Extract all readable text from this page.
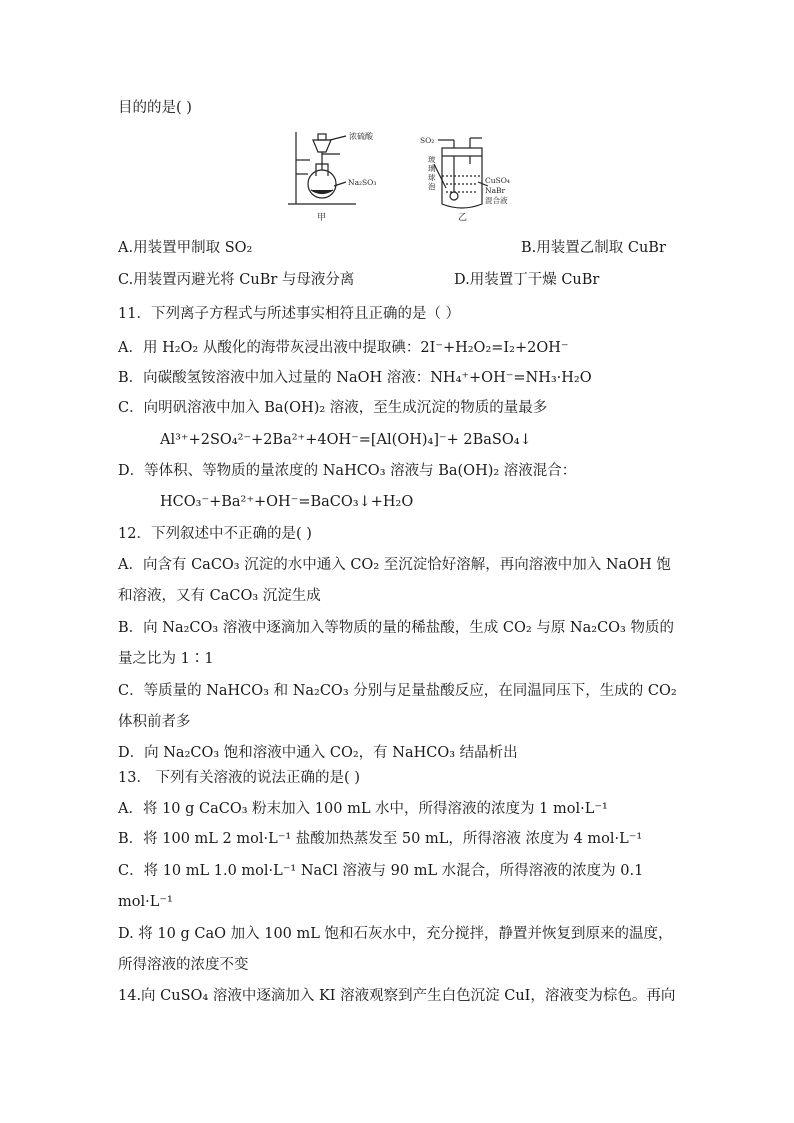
目的的是( )
浓硫酸
Na₂SO₃
甲
SO₂
玻
璃
球
泡
CuSO₄
NaBr
混合液
乙
A.用装置甲制取 SO₂	B.用装置乙制取 CuBr
C.用装置丙避光将 CuBr 与母液分离	D.用装置丁干燥 CuBr
11．下列离子方程式与所述事实相符且正确的是（ ）
A．用 H₂O₂ 从酸化的海带灰浸出液中提取碘：2I⁻+H₂O₂=I₂+2OH⁻
B．向碳酸氢铵溶液中加入过量的 NaOH 溶液：NH₄⁺+OH⁻=NH₃·H₂O
C．向明矾溶液中加入 Ba(OH)₂ 溶液，至生成沉淀的物质的量最多
Al³⁺+2SO₄²⁻+2Ba²⁺+4OH⁻=[Al(OH)₄]⁻+ 2BaSO₄↓
D．等体积、等物质的量浓度的 NaHCO₃ 溶液与 Ba(OH)₂ 溶液混合：
HCO₃⁻+Ba²⁺+OH⁻=BaCO₃↓+H₂O
12．下列叙述中不正确的是( )
A．向含有 CaCO₃ 沉淀的水中通入 CO₂ 至沉淀恰好溶解，再向溶液中加入 NaOH 饱
和溶液，又有 CaCO₃ 沉淀生成
B．向 Na₂CO₃ 溶液中逐滴加入等物质的量的稀盐酸，生成 CO₂ 与原 Na₂CO₃ 物质的
量之比为 1∶1
C．等质量的 NaHCO₃ 和 Na₂CO₃ 分别与足量盐酸反应，在同温同压下，生成的 CO₂
体积前者多
D．向 Na₂CO₃ 饱和溶液中通入 CO₂，有 NaHCO₃ 结晶析出
13． 下列有关溶液的说法正确的是( )
A．将 10 g CaCO₃ 粉末加入 100 mL 水中，所得溶液的浓度为 1 mol·L⁻¹
B．将 100 mL 2 mol·L⁻¹ 盐酸加热蒸发至 50 mL，所得溶液 浓度为 4 mol·L⁻¹
C．将 10 mL 1.0 mol·L⁻¹ NaCl 溶液与 90 mL 水混合，所得溶液的浓度为 0.1
mol·L⁻¹
D. 将 10 g CaO 加入 100 mL 饱和石灰水中，充分搅拌，静置并恢复到原来的温度，
所得溶液的浓度不变
14.向 CuSO₄ 溶液中逐滴加入 KI 溶液观察到产生白色沉淀 CuI，溶液变为棕色。再向
